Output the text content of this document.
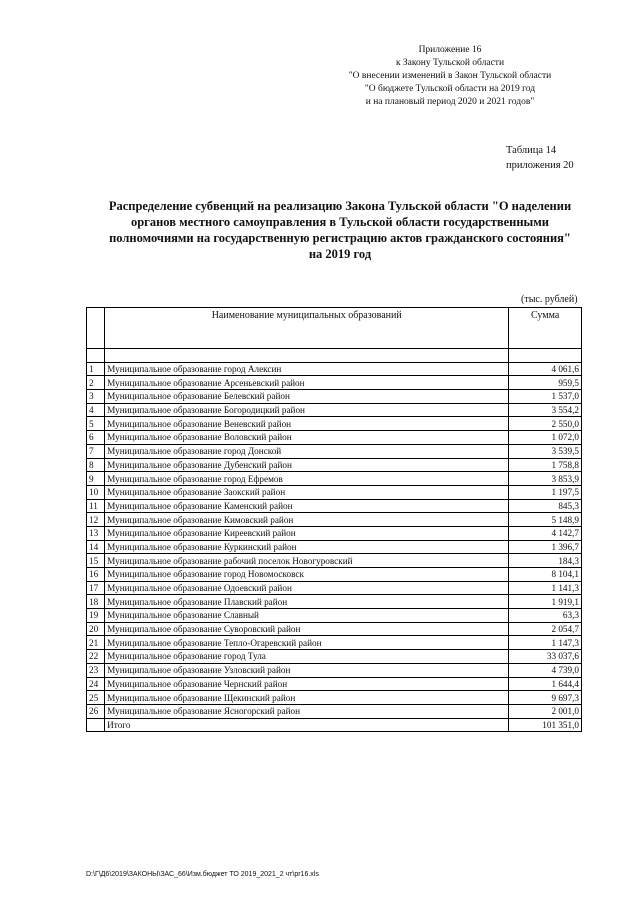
Приложение 16
к Закону Тульской области
"О внесении изменений в Закон Тульской области
"О бюджете Тульской области на 2019 год
и на плановый период 2020 и 2021 годов"
Таблица 14
приложения 20
Распределение субвенций на реализацию Закона Тульской области "О наделении
органов местного самоуправления в Тульской области государственными
полномочиями на государственную регистрацию актов гражданского состояния"
на 2019 год
(тыс. рублей)
	Наименование муниципальных образований	Сумма

1	Муниципальное образование город Алексин	4 061,6
2	Муниципальное образование Арсеньевский район	959,5
3	Муниципальное образование Белевский район	1 537,0
4	Муниципальное образование Богородицкий район	3 554,2
5	Муниципальное образование Веневский район	2 550,0
6	Муниципальное образование Воловский район	1 072,0
7	Муниципальное образование город Донской	3 539,5
8	Муниципальное образование Дубенский район	1 758,8
9	Муниципальное образование город Ефремов	3 853,9
10	Муниципальное образование Заокский район	1 197,5
11	Муниципальное образование Каменский район	845,3
12	Муниципальное образование Кимовский район	5 148,9
13	Муниципальное образование Киреевский район	4 142,7
14	Муниципальное образование Куркинский район	1 396,7
15	Муниципальное образование рабочий поселок Новогуровский	184,3
16	Муниципальное образование город Новомосковск	8 104,1
17	Муниципальное образование Одоевский район	1 141,3
18	Муниципальное образование Плавский район	1 919,1
19	Муниципальное образование Славный	63,3
20	Муниципальное образование Суворовский район	2 054,7
21	Муниципальное образование Тепло-Огаревский район	1 147,3
22	Муниципальное образование город Тула	33 037,6
23	Муниципальное образование Узловский район	4 739,0
24	Муниципальное образование Чернский район	1 644,4
25	Муниципальное образование Щекинский район	9 697,3
26	Муниципальное образование Ясногорский район	2 001,0
	Итого	101 351,0
D:\Г\Д6\2019\ЗАКОНЫ\ЗАС_66\Изм.бюджет ТО 2019_2021_2 чт\pr16.xls
